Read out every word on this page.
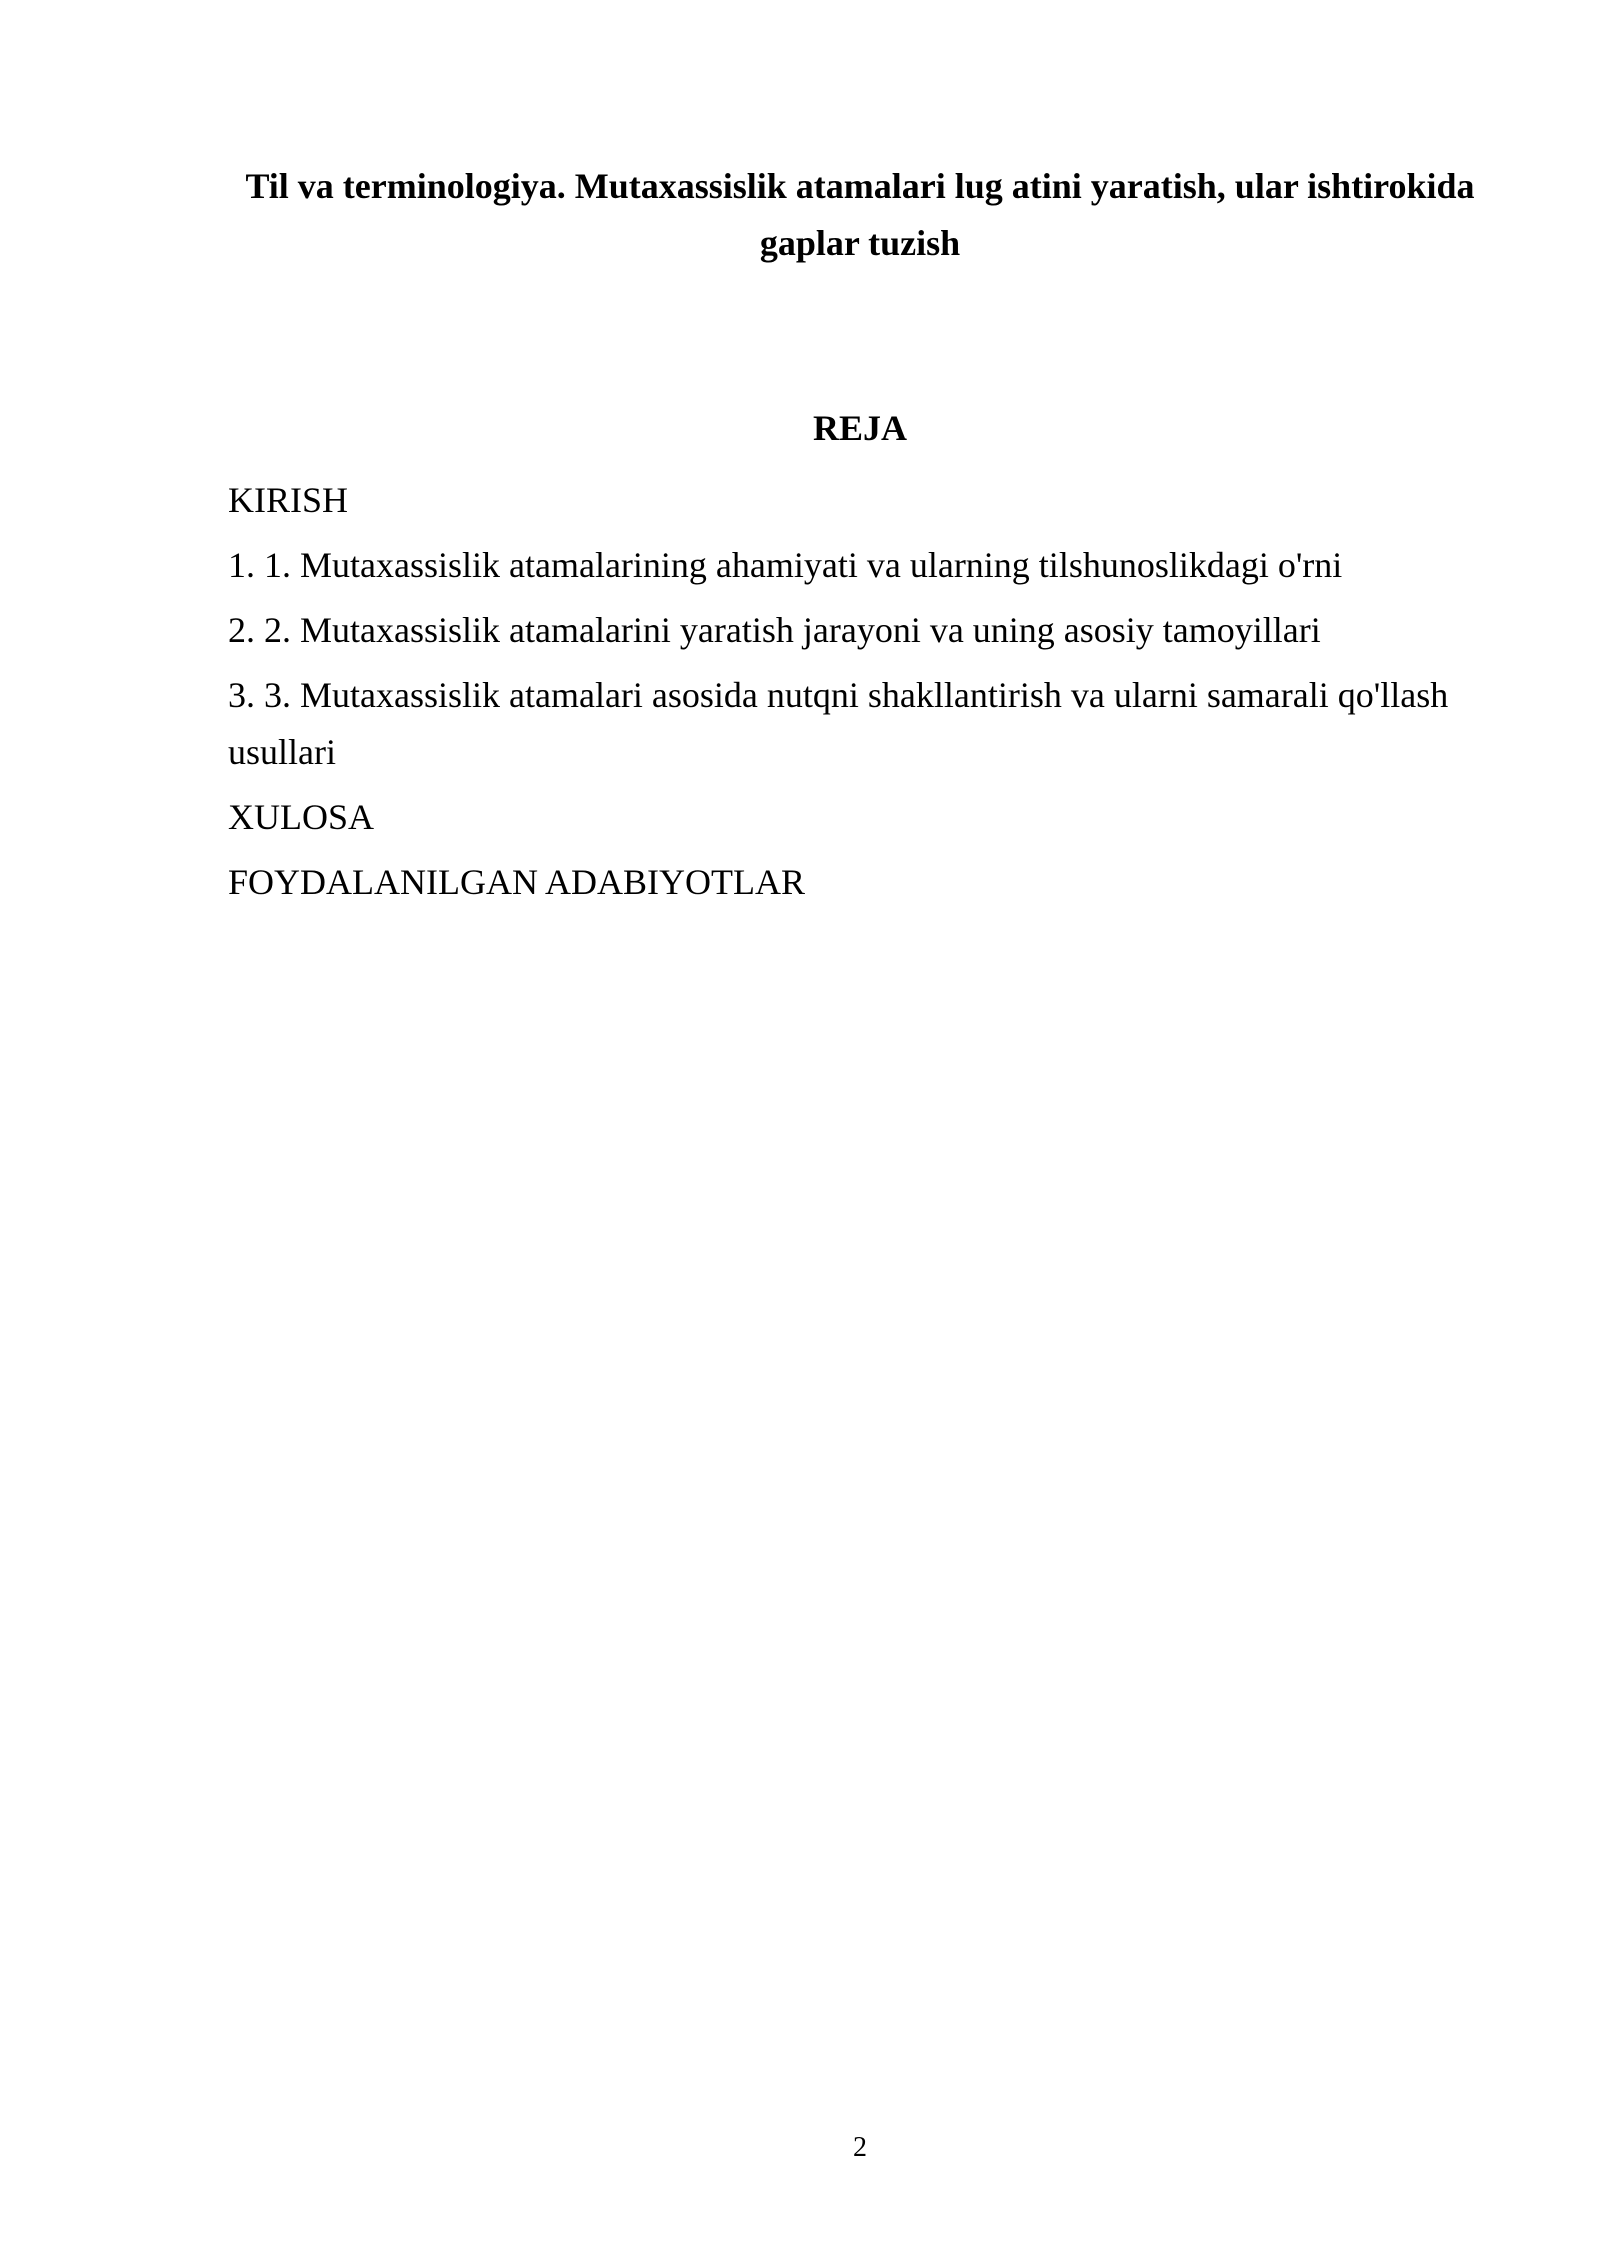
Til va terminologiya. Mutaxassislik atamalari lug atini yaratish, ular ishtirokida gaplar tuzish
REJA
KIRISH
1. 1. Mutaxassislik atamalarining ahamiyati va ularning tilshunoslikdagi o'rni
2. 2. Mutaxassislik atamalarini yaratish jarayoni va uning asosiy tamoyillari
3. 3. Mutaxassislik atamalari asosida nutqni shakllantirish va ularni samarali qo'llash usullari
XULOSA
FOYDALANILGAN ADABIYOTLAR
2
